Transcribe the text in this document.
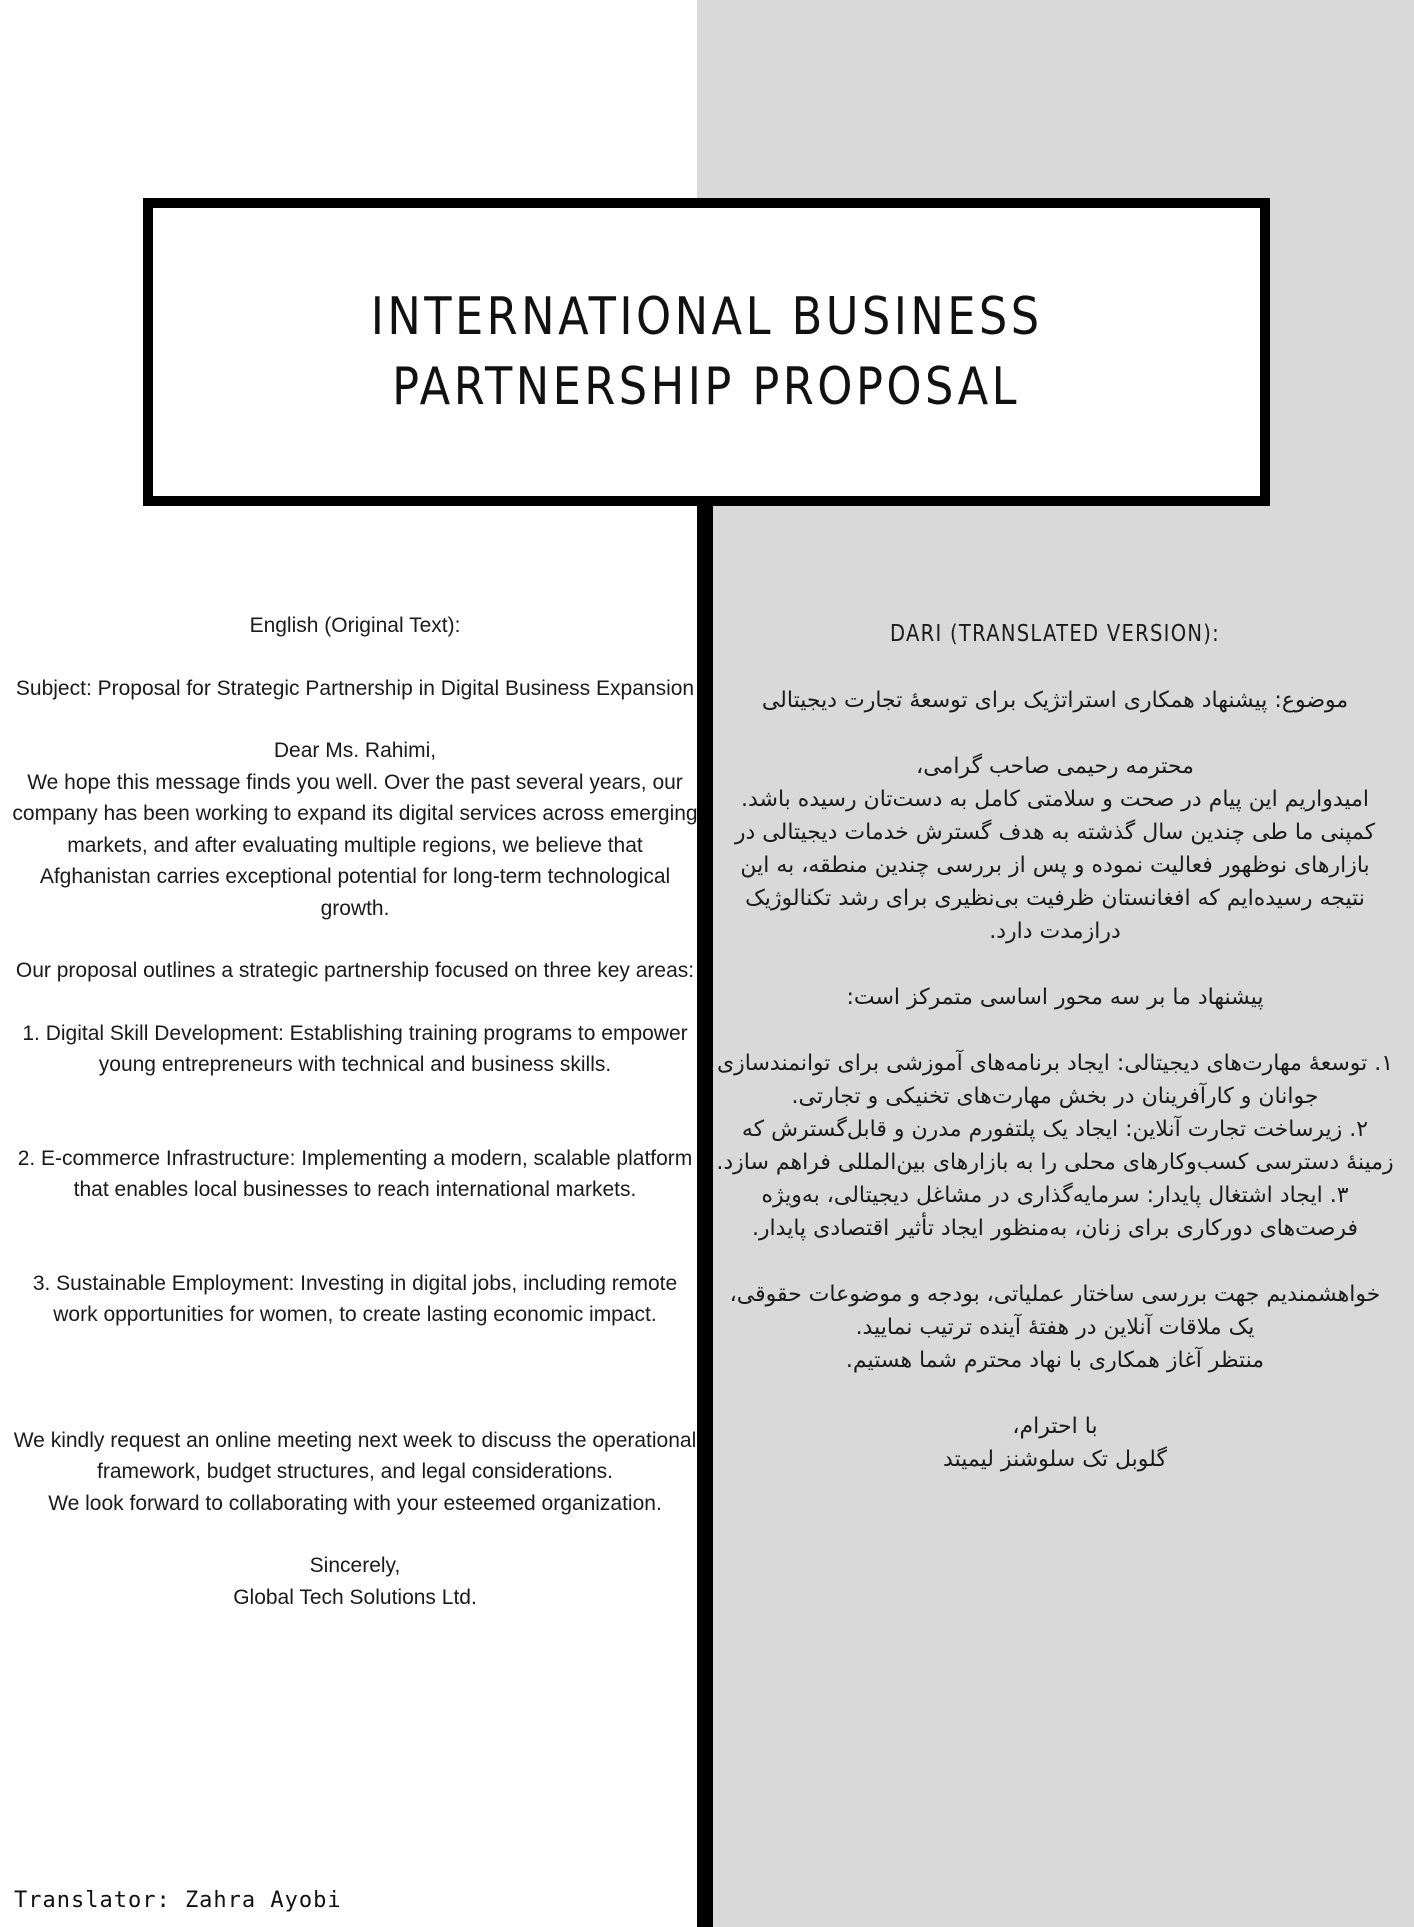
INTERNATIONAL BUSINESS
PARTNERSHIP PROPOSAL

English (Original Text):

Subject: Proposal for Strategic Partnership in Digital Business Expansion

Dear Ms. Rahimi,

We hope this message finds you well. Over the past several years, our company has been working to expand its digital services across emerging markets, and after evaluating multiple regions, we believe that Afghanistan carries exceptional potential for long-term technological growth.

Our proposal outlines a strategic partnership focused on three key areas:

1. Digital Skill Development: Establishing training programs to empower young entrepreneurs with technical and business skills.

2. E-commerce Infrastructure: Implementing a modern, scalable platform that enables local businesses to reach international markets.

3. Sustainable Employment: Investing in digital jobs, including remote work opportunities for women, to create lasting economic impact.

We kindly request an online meeting next week to discuss the operational framework, budget structures, and legal considerations.

We look forward to collaborating with your esteemed organization.

Sincerely,

Global Tech Solutions Ltd.

DARI (TRANSLATED VERSION):

موضوع: پیشنهاد همکاری استراتژیک برای توسعهٔ تجارت دیجیتالی

محترمه رحیمی صاحب گرامی،

امیدواریم این پیام در صحت و سلامتی کامل به دست‌تان رسیده باشد.

کمپنی ما طی چندین سال گذشته به هدف گسترش خدمات دیجیتالی در بازارهای نوظهور فعالیت نموده و پس از بررسی چندین منطقه، به این نتیجه رسیده‌ایم که افغانستان ظرفیت بی‌نظیری برای رشد تکنالوژیک درازمدت دارد.

پیشنهاد ما بر سه محور اساسی متمرکز است:

۱. توسعهٔ مهارت‌های دیجیتالی: ایجاد برنامه‌های آموزشی برای توانمندسازی جوانان و کارآفرینان در بخش مهارت‌های تخنیکی و تجارتی.

۲. زیرساخت تجارت آنلاین: ایجاد یک پلتفورم مدرن و قابل‌گسترش که زمینهٔ دسترسی کسب‌وکارهای محلی را به بازارهای بین‌المللی فراهم سازد.

۳. ایجاد اشتغال پایدار: سرمایه‌گذاری در مشاغل دیجیتالی، به‌ویژه فرصت‌های دورکاری برای زنان، به‌منظور ایجاد تأثیر اقتصادی پایدار.

خواهشمندیم جهت بررسی ساختار عملیاتی، بودجه و موضوعات حقوقی، یک ملاقات آنلاین در هفتهٔ آینده ترتیب نمایید.

منتظر آغاز همکاری با نهاد محترم شما هستیم.

با احترام،

گلوبل تک سلوشنز لیمیتد

Translator: Zahra Ayobi
